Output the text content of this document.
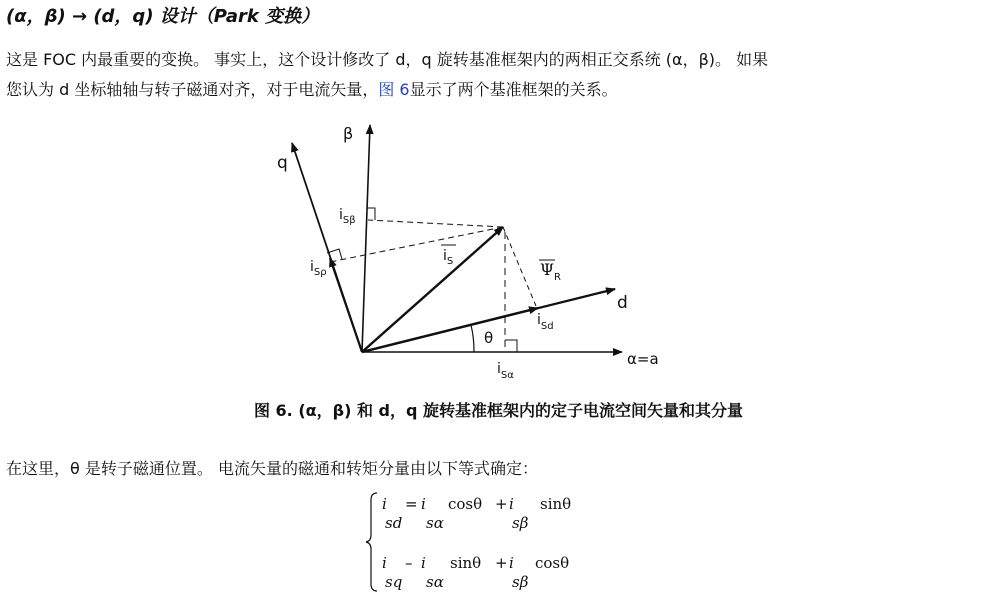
(α，β) → (d，q) 设计（Park 变换）
这是 FOC 内最重要的变换。 事实上，这个设计修改了 d，q 旋转基准框架内的两相正交系统 (α，β)。 如果
您认为 d 坐标轴轴与转子磁通对齐，对于电流矢量，图 6显示了两个基准框架的关系。
β
q
d
α=a
θ
$i_{S\beta}$
$i_{S\rho}$
$i_S$	$\Psi_R$
$i_{Sd}$
$i_{S\alpha}$
图 6. (α，β) 和 d，q 旋转基准框架内的定子电流空间矢量和其分量
在这里，θ 是转子磁通位置。 电流矢量的磁通和转矩分量由以下等式确定：
i = i cosθ + i sinθ
sd sα	sβ
i – i sinθ + i cosθ
sq sα	sβ
